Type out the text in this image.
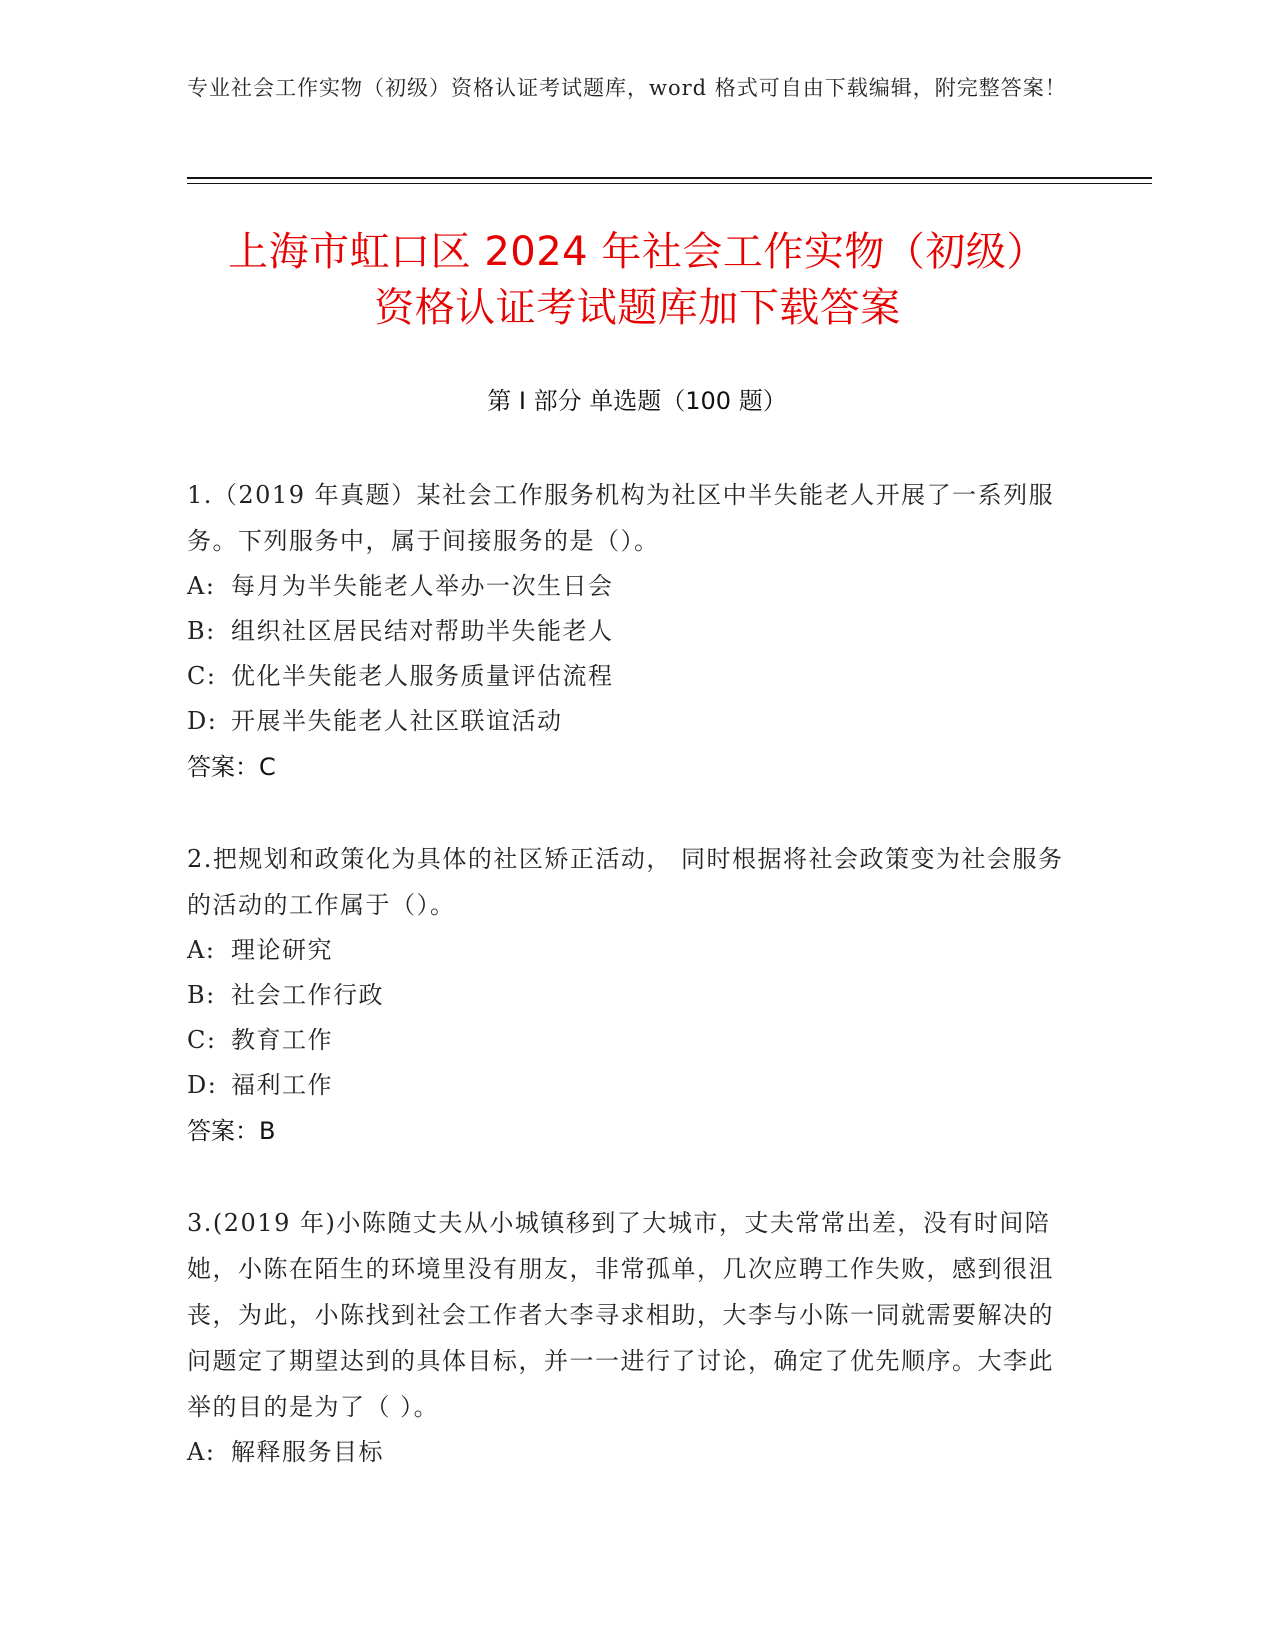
专业社会工作实物（初级）资格认证考试题库，word 格式可自由下载编辑，附完整答案！
上海市虹口区 2024 年社会工作实物（初级）
资格认证考试题库加下载答案
第 I 部分 单选题（100 题）
1.（2019 年真题）某社会工作服务机构为社区中半失能老人开展了一系列服务。下列服务中，属于间接服务的是（）。
A: 每月为半失能老人举办一次生日会
B: 组织社区居民结对帮助半失能老人
C: 优化半失能老人服务质量评估流程
D: 开展半失能老人社区联谊活动
答案：C
2.把规划和政策化为具体的社区矫正活动， 同时根据将社会政策变为社会服务的活动的工作属于（）。
A: 理论研究
B: 社会工作行政
C: 教育工作
D: 福利工作
答案：B
3.(2019 年)小陈随丈夫从小城镇移到了大城市，丈夫常常出差，没有时间陪她，小陈在陌生的环境里没有朋友，非常孤单，几次应聘工作失败，感到很沮丧，为此，小陈找到社会工作者大李寻求相助，大李与小陈一同就需要解决的问题定了期望达到的具体目标，并一一进行了讨论，确定了优先顺序。大李此举的目的是为了（ ）。
A: 解释服务目标
